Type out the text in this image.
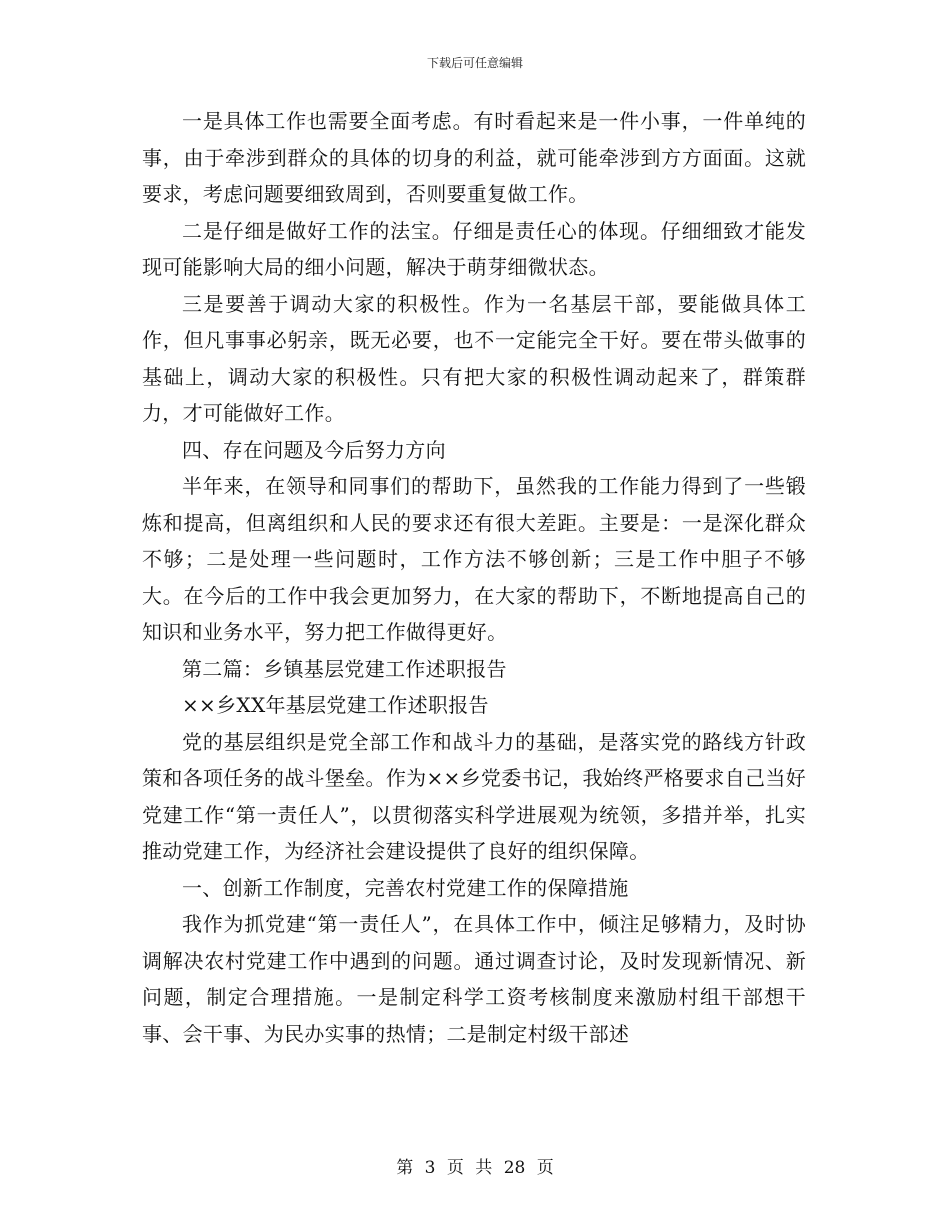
下载后可任意编辑

一是具体工作也需要全面考虑。有时看起来是一件小事，一件单纯的事，由于牵涉到群众的具体的切身的利益，就可能牵涉到方方面面。这就要求，考虑问题要细致周到，否则要重复做工作。

二是仔细是做好工作的法宝。仔细是责任心的体现。仔细细致才能发现可能影响大局的细小问题，解决于萌芽细微状态。

三是要善于调动大家的积极性。作为一名基层干部，要能做具体工作，但凡事事必躬亲，既无必要，也不一定能完全干好。要在带头做事的基础上，调动大家的积极性。只有把大家的积极性调动起来了，群策群力，才可能做好工作。

四、存在问题及今后努力方向

半年来，在领导和同事们的帮助下，虽然我的工作能力得到了一些锻炼和提高，但离组织和人民的要求还有很大差距。主要是：一是深化群众不够；二是处理一些问题时，工作方法不够创新；三是工作中胆子不够大。在今后的工作中我会更加努力，在大家的帮助下，不断地提高自己的知识和业务水平，努力把工作做得更好。

第二篇：乡镇基层党建工作述职报告

××乡XX年基层党建工作述职报告

党的基层组织是党全部工作和战斗力的基础，是落实党的路线方针政策和各项任务的战斗堡垒。作为××乡党委书记，我始终严格要求自己当好党建工作“第一责任人”，以贯彻落实科学进展观为统领，多措并举，扎实推动党建工作，为经济社会建设提供了良好的组织保障。

一、创新工作制度，完善农村党建工作的保障措施

我作为抓党建“第一责任人”，在具体工作中，倾注足够精力，及时协调解决农村党建工作中遇到的问题。通过调查讨论，及时发现新情况、新问题，制定合理措施。一是制定科学工资考核制度来激励村组干部想干事、会干事、为民办实事的热情；二是制定村级干部述

第 3 页 共 28 页
